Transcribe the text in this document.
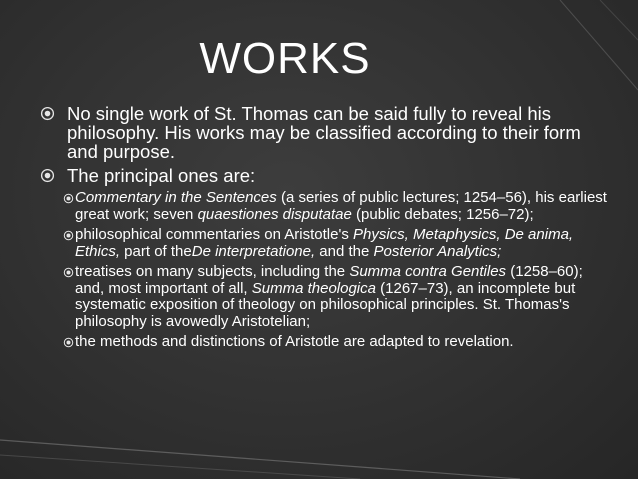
WORKS
No single work of St. Thomas can be said fully to reveal his philosophy. His works may be classified according to their form and purpose.
The principal ones are:
Commentary in the Sentences (a series of public lectures; 1254–56), his earliest great work; seven quaestiones disputatae (public debates; 1256–72);
philosophical commentaries on Aristotle's Physics, Metaphysics, De anima, Ethics, part of theDe interpretatione, and the Posterior Analytics;
treatises on many subjects, including the Summa contra Gentiles (1258–60); and, most important of all, Summa theologica (1267–73), an incomplete but systematic exposition of theology on philosophical principles. St. Thomas's philosophy is avowedly Aristotelian;
the methods and distinctions of Aristotle are adapted to revelation.
